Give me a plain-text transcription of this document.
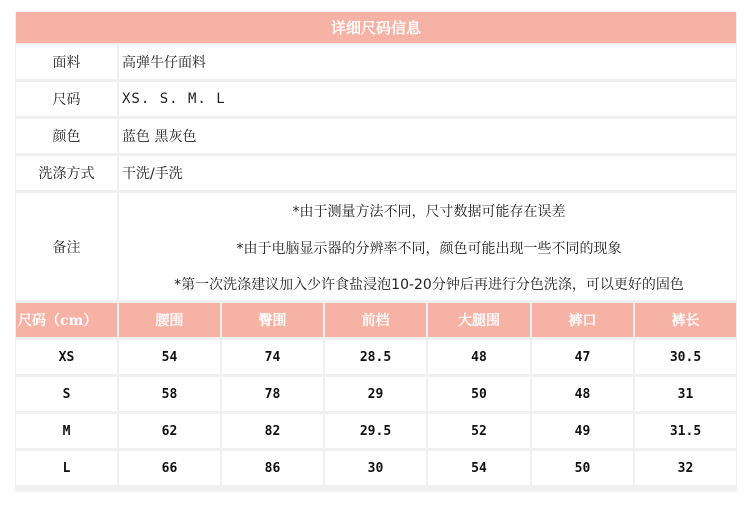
详细尺码信息
面料	高弹牛仔面料
尺码	XS. S. M. L
颜色	蓝色 黑灰色
洗涤方式	干洗/手洗
备注
*由于测量方法不同，尺寸数据可能存在误差
*由于电脑显示器的分辨率不同，颜色可能出现一些不同的现象
*第一次洗涤建议加入少许食盐浸泡10-20分钟后再进行分色洗涤，可以更好的固色
尺码（cm）	腰围	臀围	前档	大腿围	裤口	裤长
XS	54	74	28.5	48	47	30.5
S	58	78	29	50	48	31
M	62	82	29.5	52	49	31.5
L	66	86	30	54	50	32
